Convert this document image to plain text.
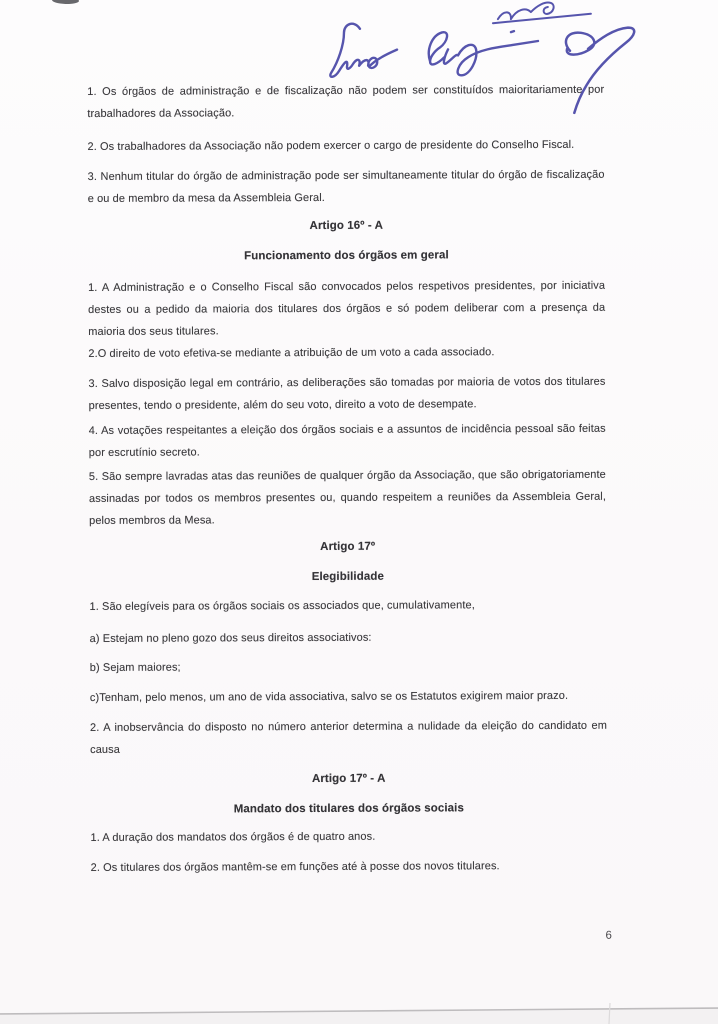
1. Os órgãos de administração e de fiscalização não podem ser constituídos maioritariamente por trabalhadores da Associação.
2. Os trabalhadores da Associação não podem exercer o cargo de presidente do Conselho Fiscal.
3. Nenhum titular do órgão de administração pode ser simultaneamente titular do órgão de fiscalização e ou de membro da mesa da Assembleia Geral.
Artigo 16º - A
Funcionamento dos órgãos em geral
1. A Administração e o Conselho Fiscal são convocados pelos respetivos presidentes, por iniciativa destes ou a pedido da maioria dos titulares dos órgãos e só podem deliberar com a presença da maioria dos seus titulares.
2.O direito de voto efetiva-se mediante a atribuição de um voto a cada associado.
3. Salvo disposição legal em contrário, as deliberações são tomadas por maioria de votos dos titulares presentes, tendo o presidente, além do seu voto, direito a voto de desempate.
4. As votações respeitantes a eleição dos órgãos sociais e a assuntos de incidência pessoal são feitas por escrutínio secreto.
5. São sempre lavradas atas das reuniões de qualquer órgão da Associação, que são obrigatoriamente assinadas por todos os membros presentes ou, quando respeitem a reuniões da Assembleia Geral, pelos membros da Mesa.
Artigo 17º
Elegibilidade
1. São elegíveis para os órgãos sociais os associados que, cumulativamente,
a) Estejam no pleno gozo dos seus direitos associativos:
b) Sejam maiores;
c)Tenham, pelo menos, um ano de vida associativa, salvo se os Estatutos exigirem maior prazo.
2. A inobservância do disposto no número anterior determina a nulidade da eleição do candidato em causa
Artigo 17º - A
Mandato dos titulares dos órgãos sociais
1. A duração dos mandatos dos órgãos é de quatro anos.
2. Os titulares dos órgãos mantêm-se em funções até à posse dos novos titulares.
6
